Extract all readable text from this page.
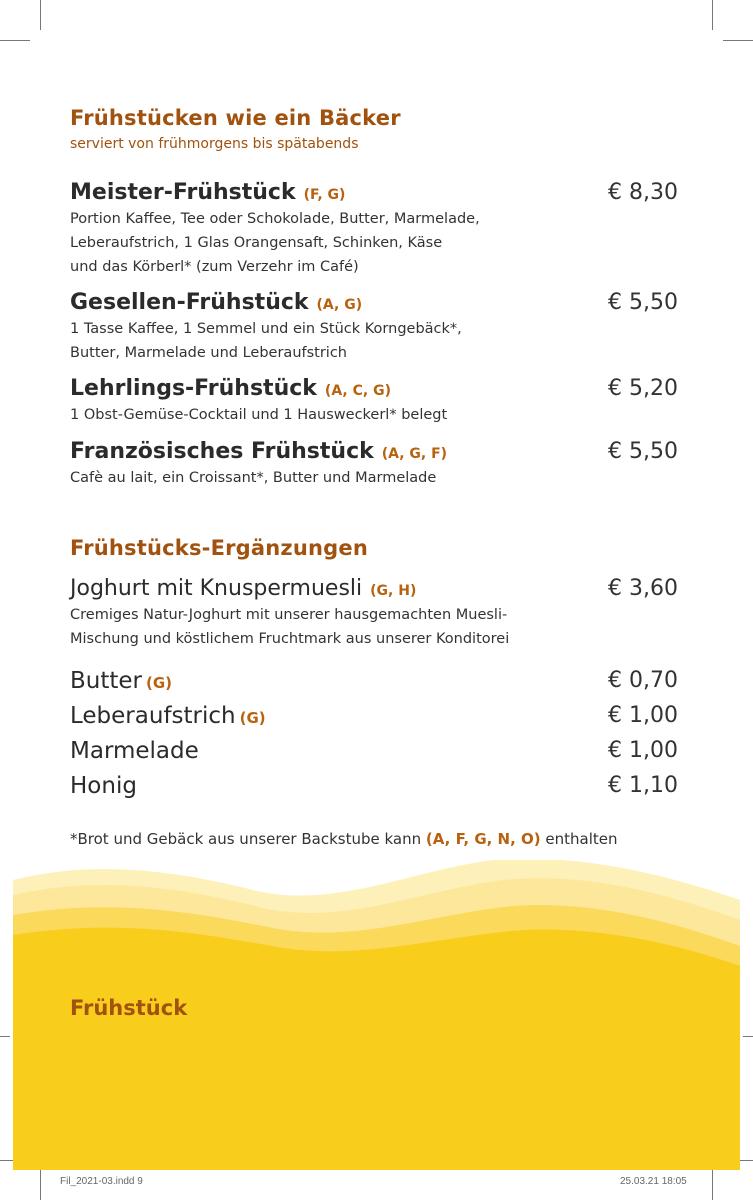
Frühstücken wie ein Bäcker
serviert von frühmorgens bis spätabends
Meister-Frühstück (F, G)	€ 8,30
Portion Kaffee, Tee oder Schokolade, Butter, Marmelade,
Leberaufstrich, 1 Glas Orangensaft, Schinken, Käse
und das Körberl* (zum Verzehr im Café)
Gesellen-Frühstück (A, G)	€ 5,50
1 Tasse Kaffee, 1 Semmel und ein Stück Korngebäck*,
Butter, Marmelade und Leberaufstrich
Lehrlings-Frühstück (A, C, G)	€ 5,20
1 Obst-Gemüse-Cocktail und 1 Hausweckerl* belegt
Französisches Frühstück (A, G, F)	€ 5,50
Cafè au lait, ein Croissant*, Butter und Marmelade
Frühstücks-Ergänzungen
Joghurt mit Knuspermuesli (G, H)	€ 3,60
Cremiges Natur-Joghurt mit unserer hausgemachten Muesli-
Mischung und köstlichem Fruchtmark aus unserer Konditorei
Butter (G)	€ 0,70
Leberaufstrich (G)	€ 1,00
Marmelade	€ 1,00
Honig	€ 1,10
*Brot und Gebäck aus unserer Backstube kann (A, F, G, N, O) enthalten
Frühstück
Fil_2021-03.indd 9	25.03.21 18:05
